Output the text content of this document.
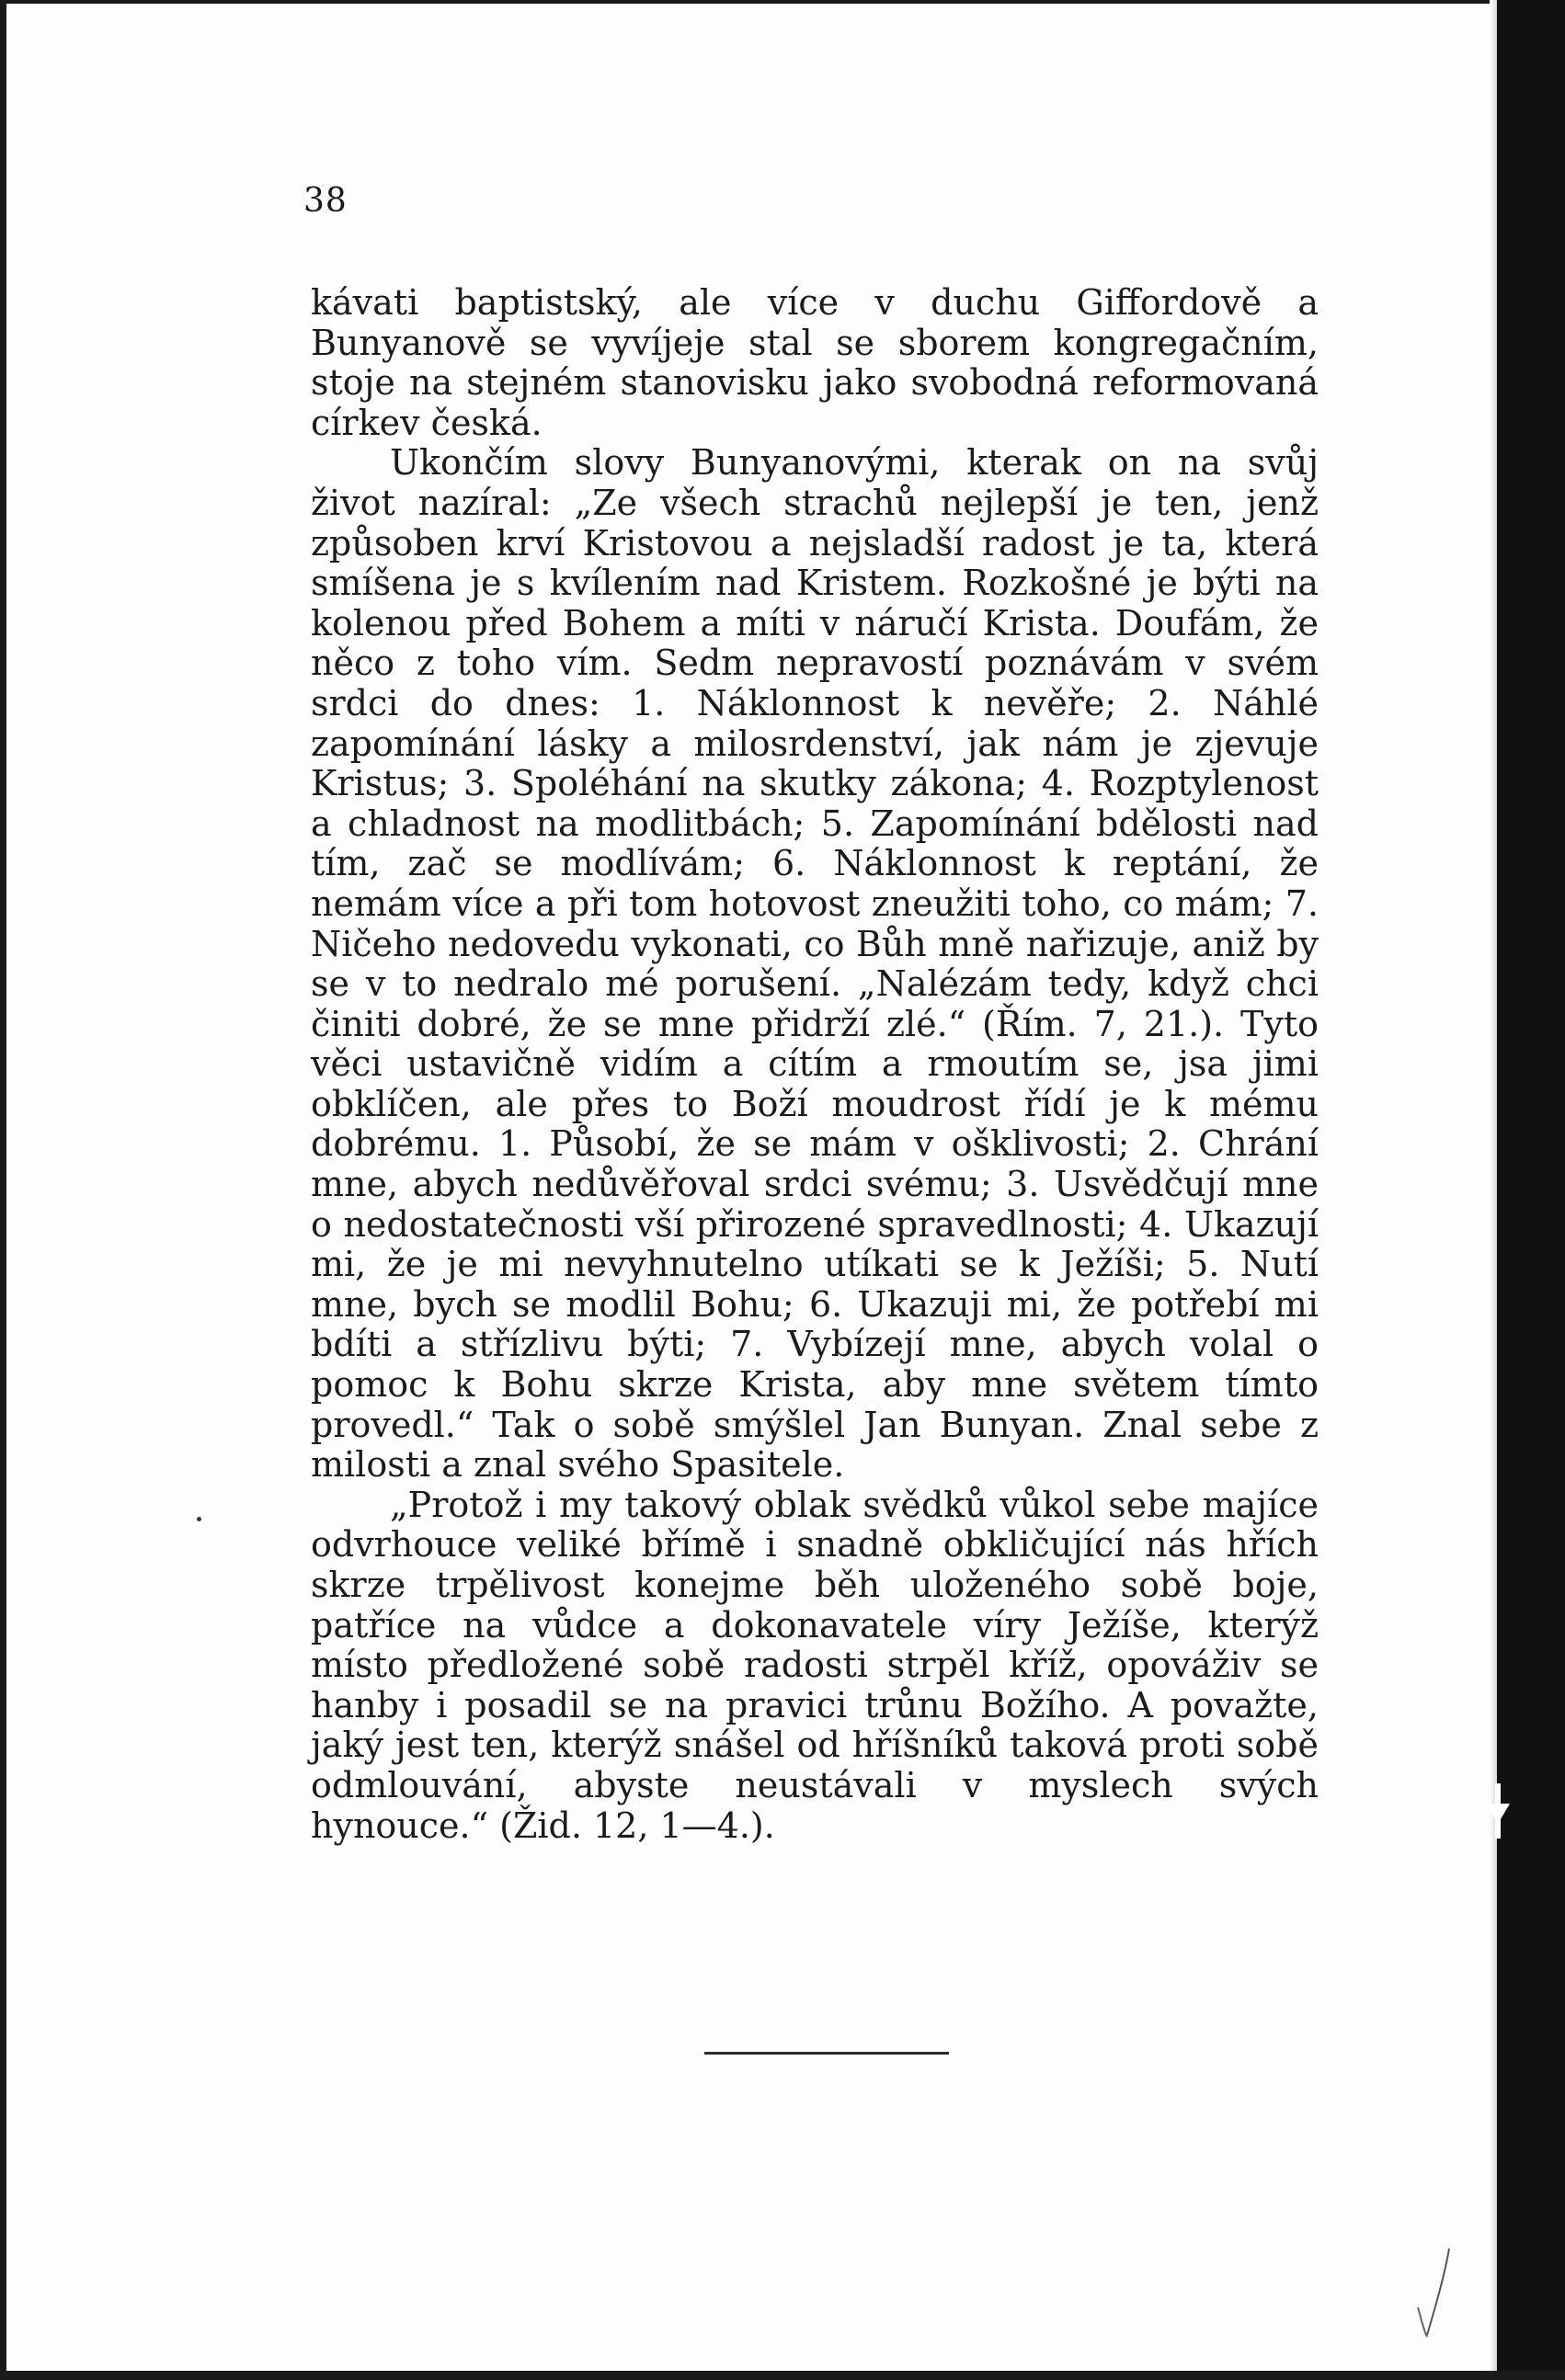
38

kávati baptistský, ale více v duchu Giffordově a Bunyanově se vyvíjeje stal se sborem kongregačním, stoje na stejném stanovisku jako svobodná reformovaná církev česká.

Ukončím slovy Bunyanovými, kterak on na svůj život nazíral: „Ze všech strachů nejlepší je ten, jenž způsoben krví Kristovou a nejsladší radost je ta, která smíšena je s kvílením nad Kristem. Rozkošné je býti na kolenou před Bohem a míti v náručí Krista. Doufám, že něco z toho vím. Sedm nepravostí poznávám v svém srdci do dnes: 1. Náklonnost k nevěře; 2. Náhlé zapomínání lásky a milosrdenství, jak nám je zjevuje Kristus; 3. Spoléhání na skutky zákona; 4. Rozptylenost a chladnost na modlitbách; 5. Zapomínání bdělosti nad tím, zač se modlívám; 6. Náklonnost k reptání, že nemám více a při tom hotovost zneužiti toho, co mám; 7. Ničeho nedovedu vykonati, co Bůh mně nařizuje, aniž by se v to nedralo mé porušení. „Nalézám tedy, když chci činiti dobré, že se mne přidrží zlé.“ (Řím. 7, 21.). Tyto věci ustavičně vidím a cítím a rmoutím se, jsa jimi obklíčen, ale přes to Boží moudrost řídí je k mému dobrému. 1. Působí, že se mám v ošklivosti; 2. Chrání mne, abych nedůvěřoval srdci svému; 3. Usvědčují mne o nedostatečnosti vší přirozené spravedlnosti; 4. Ukazují mi, že je mi nevyhnutelno utíkati se k Ježíši; 5. Nutí mne, bych se modlil Bohu; 6. Ukazuji mi, že potřebí mi bdíti a střízlivu býti; 7. Vybízejí mne, abych volal o pomoc k Bohu skrze Krista, aby mne světem tímto provedl.“ Tak o sobě smýšlel Jan Bunyan. Znal sebe z milosti a znal svého Spasitele.

„Protož i my takový oblak svědků vůkol sebe majíce odvrhouce veliké břímě i snadně obkličující nás hřích skrze trpělivost konejme běh uloženého sobě boje, patříce na vůdce a dokonavatele víry Ježíše, kterýž místo předložené sobě radosti strpěl kříž, opováživ se hanby i posadil se na pravici trůnu Božího. A považte, jaký jest ten, kterýž snášel od hříšníků taková proti sobě odmlouvání, abyste neustávali v myslech svých hynouce.“ (Žid. 12, 1—4.).
